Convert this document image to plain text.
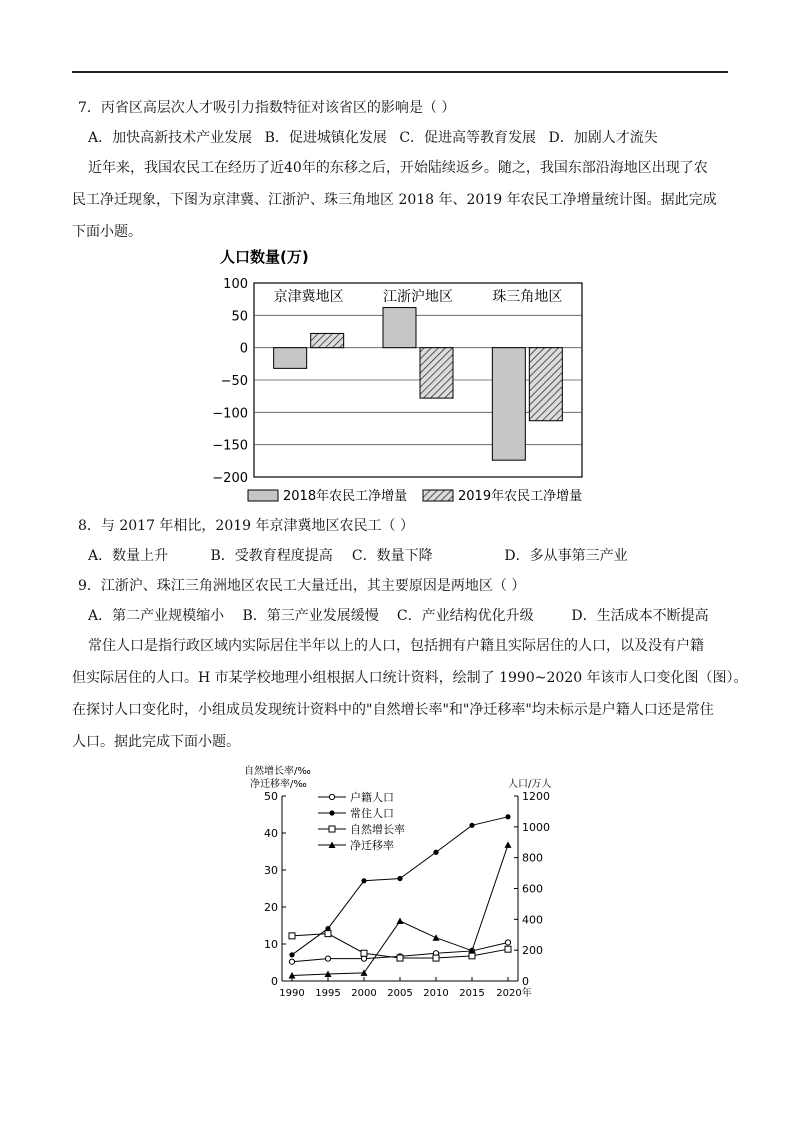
7．丙省区高层次人才吸引力指数特征对该省区的影响是（ ）
A．加快高新技术产业发展 B．促进城镇化发展 C．促进高等教育发展 D．加剧人才流失
近年来，我国农民工在经历了近40年的东移之后，开始陆续返乡。随之，我国东部沿海地区出现了农
民工净迁现象，下图为京津冀、江浙沪、珠三角地区 2018 年、2019 年农民工净增量统计图。据此完成
下面小题。
人口数量(万)
100
50
0
−50
−100
−150
−200
京津冀地区	江浙沪地区	珠三角地区
2018年农民工净增量	2019年农民工净增量
8．与 2017 年相比，2019 年京津冀地区农民工（ ）
A．数量上升	B．受教育程度提高 C．数量下降	D．多从事第三产业
9．江浙沪、珠江三角洲地区农民工大量迁出，其主要原因是两地区（ ）
A．第二产业规模缩小 B．第三产业发展缓慢 C．产业结构优化升级	D．生活成本不断提高
常住人口是指行政区域内实际居住半年以上的人口，包括拥有户籍且实际居住的人口，以及没有户籍
但实际居住的人口。H 市某学校地理小组根据人口统计资料，绘制了 1990~2020 年该市人口变化图（图）。
在探讨人口变化时，小组成员发现统计资料中的"自然增长率"和"净迁移率"均未标示是户籍人口还是常住
人口。据此完成下面小题。
自然增长率/‰
净迁移率/‰	人口/万人
0
10
20
30
40
50
0
200
400
600
800
1000
1200
1990 1995 2000 2005 2010 2015 2020年
户籍人口
常住人口
自然增长率
净迁移率
